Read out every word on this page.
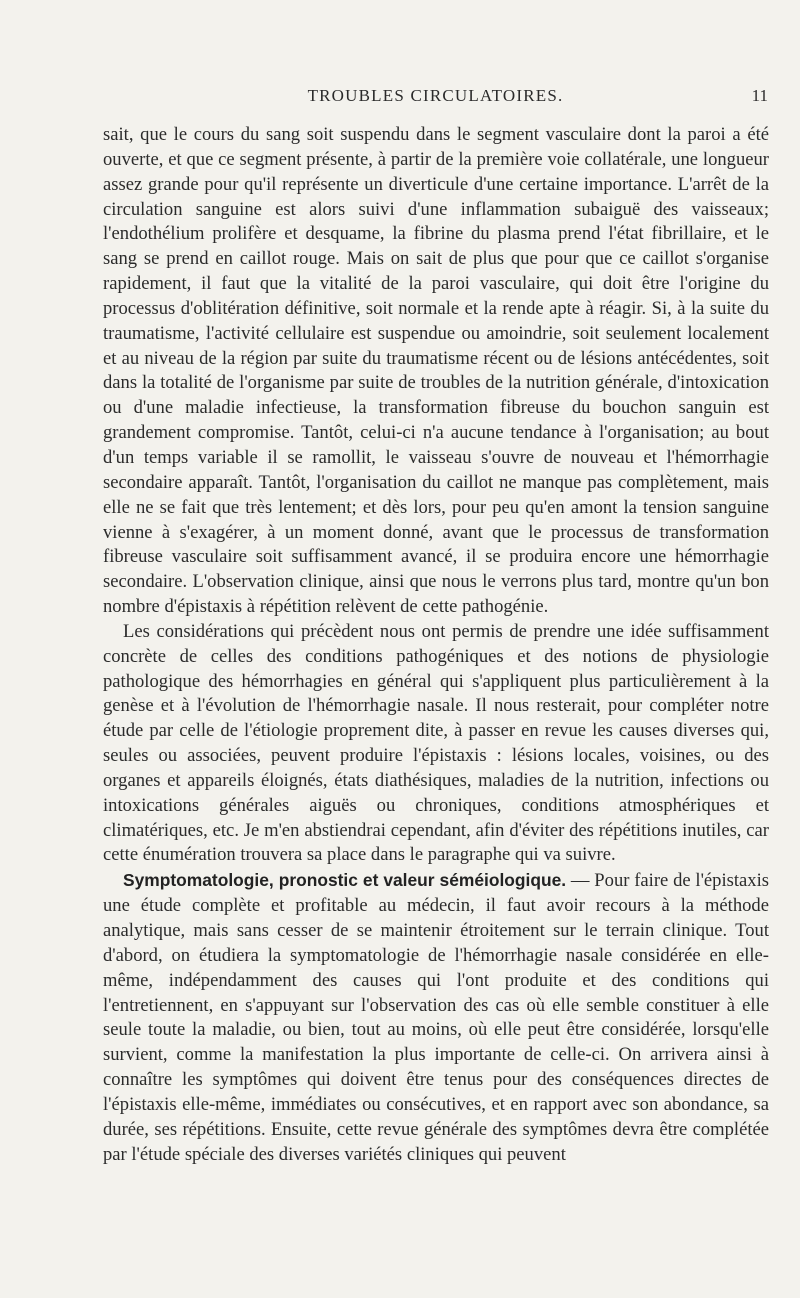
TROUBLES CIRCULATOIRES.	11

sait, que le cours du sang soit suspendu dans le segment vasculaire dont la paroi a été ouverte, et que ce segment présente, à partir de la première voie collatérale, une longueur assez grande pour qu'il représente un diverticule d'une certaine importance. L'arrêt de la circulation sanguine est alors suivi d'une inflammation subaiguë des vaisseaux; l'endothélium prolifère et desquame, la fibrine du plasma prend l'état fibrillaire, et le sang se prend en caillot rouge. Mais on sait de plus que pour que ce caillot s'organise rapidement, il faut que la vitalité de la paroi vasculaire, qui doit être l'origine du processus d'oblitération définitive, soit normale et la rende apte à réagir. Si, à la suite du traumatisme, l'activité cellulaire est suspendue ou amoindrie, soit seulement localement et au niveau de la région par suite du traumatisme récent ou de lésions antécédentes, soit dans la totalité de l'organisme par suite de troubles de la nutrition générale, d'intoxication ou d'une maladie infectieuse, la transformation fibreuse du bouchon sanguin est grandement compromise. Tantôt, celui-ci n'a aucune tendance à l'organisation; au bout d'un temps variable il se ramollit, le vaisseau s'ouvre de nouveau et l'hémorrhagie secondaire apparaît. Tantôt, l'organisation du caillot ne manque pas complètement, mais elle ne se fait que très lentement; et dès lors, pour peu qu'en amont la tension sanguine vienne à s'exagérer, à un moment donné, avant que le processus de transformation fibreuse vasculaire soit suffisamment avancé, il se produira encore une hémorrhagie secondaire. L'observation clinique, ainsi que nous le verrons plus tard, montre qu'un bon nombre d'épistaxis à répétition relèvent de cette pathogénie.

Les considérations qui précèdent nous ont permis de prendre une idée suffisamment concrète de celles des conditions pathogéniques et des notions de physiologie pathologique des hémorrhagies en général qui s'appliquent plus particulièrement à la genèse et à l'évolution de l'hémorrhagie nasale. Il nous resterait, pour compléter notre étude par celle de l'étiologie proprement dite, à passer en revue les causes diverses qui, seules ou associées, peuvent produire l'épistaxis : lésions locales, voisines, ou des organes et appareils éloignés, états diathésiques, maladies de la nutrition, infections ou intoxications générales aiguës ou chroniques, conditions atmosphériques et climatériques, etc. Je m'en abstiendrai cependant, afin d'éviter des répétitions inutiles, car cette énumération trouvera sa place dans le paragraphe qui va suivre.

Symptomatologie, pronostic et valeur séméiologique. — Pour faire de l'épistaxis une étude complète et profitable au médecin, il faut avoir recours à la méthode analytique, mais sans cesser de se maintenir étroitement sur le terrain clinique. Tout d'abord, on étudiera la symptomatologie de l'hémorrhagie nasale considérée en elle-même, indépendamment des causes qui l'ont produite et des conditions qui l'entretiennent, en s'appuyant sur l'observation des cas où elle semble constituer à elle seule toute la maladie, ou bien, tout au moins, où elle peut être considérée, lorsqu'elle survient, comme la manifestation la plus importante de celle-ci. On arrivera ainsi à connaître les symptômes qui doivent être tenus pour des conséquences directes de l'épistaxis elle-même, immédiates ou consécutives, et en rapport avec son abondance, sa durée, ses répétitions. Ensuite, cette revue générale des symptômes devra être complétée par l'étude spéciale des diverses variétés cliniques qui peuvent
